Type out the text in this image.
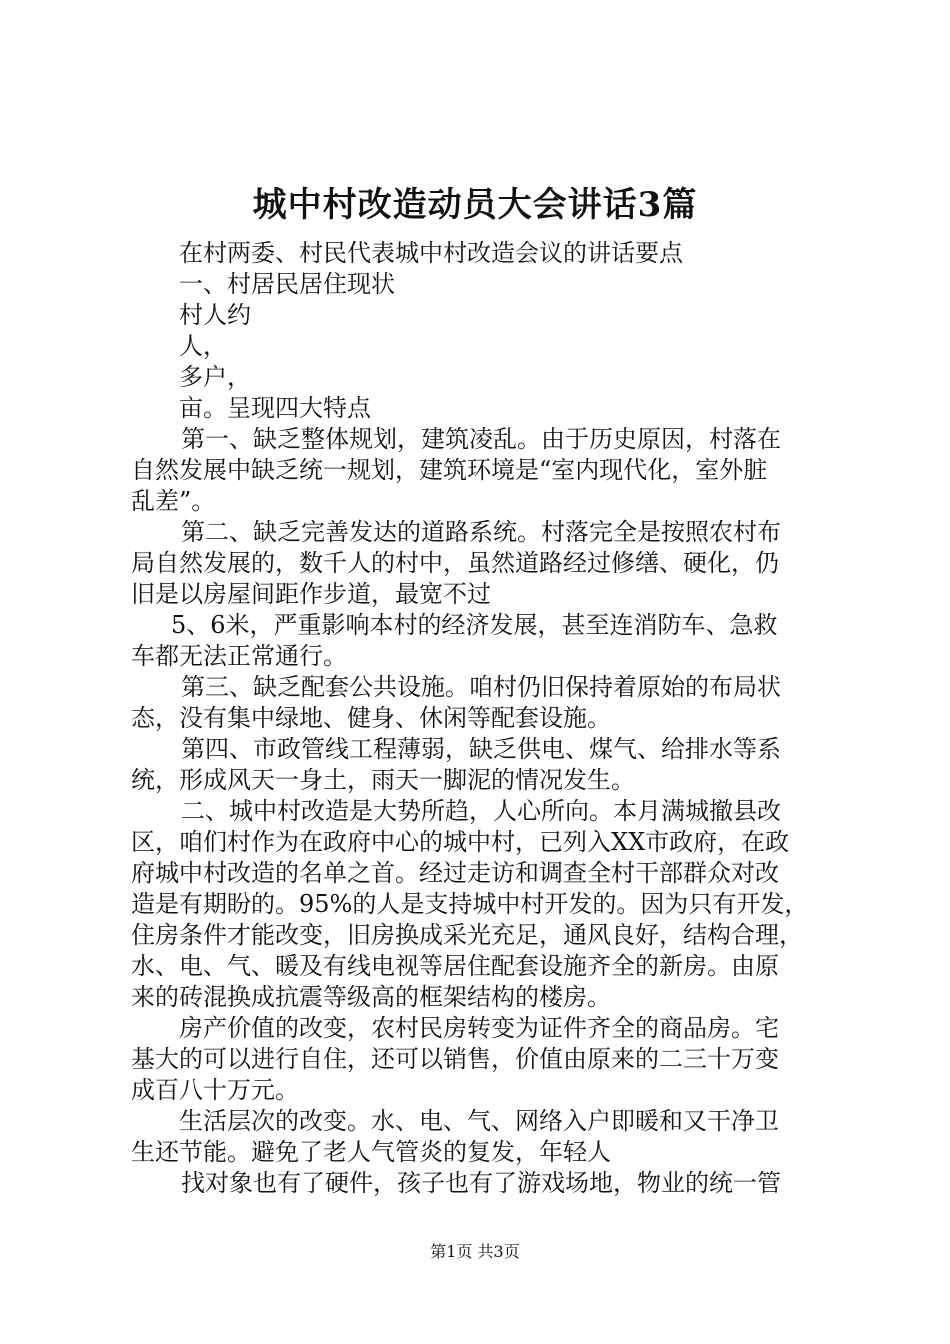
城中村改造动员大会讲话3篇

在村两委、村民代表城中村改造会议的讲话要点

一、村居民居住现状

村人约

人，

多户，

亩。呈现四大特点

第一、缺乏整体规划，建筑凌乱。由于历史原因，村落在

自然发展中缺乏统一规划，建筑环境是“室内现代化，室外脏

乱差”。

第二、缺乏完善发达的道路系统。村落完全是按照农村布

局自然发展的，数千人的村中，虽然道路经过修缮、硬化，仍

旧是以房屋间距作步道，最宽不过

5、6米，严重影响本村的经济发展，甚至连消防车、急救

车都无法正常通行。

第三、缺乏配套公共设施。咱村仍旧保持着原始的布局状

态，没有集中绿地、健身、休闲等配套设施。

第四、市政管线工程薄弱，缺乏供电、煤气、给排水等系

统，形成风天一身土，雨天一脚泥的情况发生。

二、城中村改造是大势所趋，人心所向。本月满城撤县改

区，咱们村作为在政府中心的城中村，已列入XX市政府，在政

府城中村改造的名单之首。经过走访和调查全村干部群众对改

造是有期盼的。95%的人是支持城中村开发的。因为只有开发，

住房条件才能改变，旧房换成采光充足，通风良好，结构合理，

水、电、气、暖及有线电视等居住配套设施齐全的新房。由原

来的砖混换成抗震等级高的框架结构的楼房。

房产价值的改变，农村民房转变为证件齐全的商品房。宅

基大的可以进行自住，还可以销售，价值由原来的二三十万变

成百八十万元。

生活层次的改变。水、电、气、网络入户即暖和又干净卫

生还节能。避免了老人气管炎的复发，年轻人

找对象也有了硬件，孩子也有了游戏场地，物业的统一管

第1页 共3页
